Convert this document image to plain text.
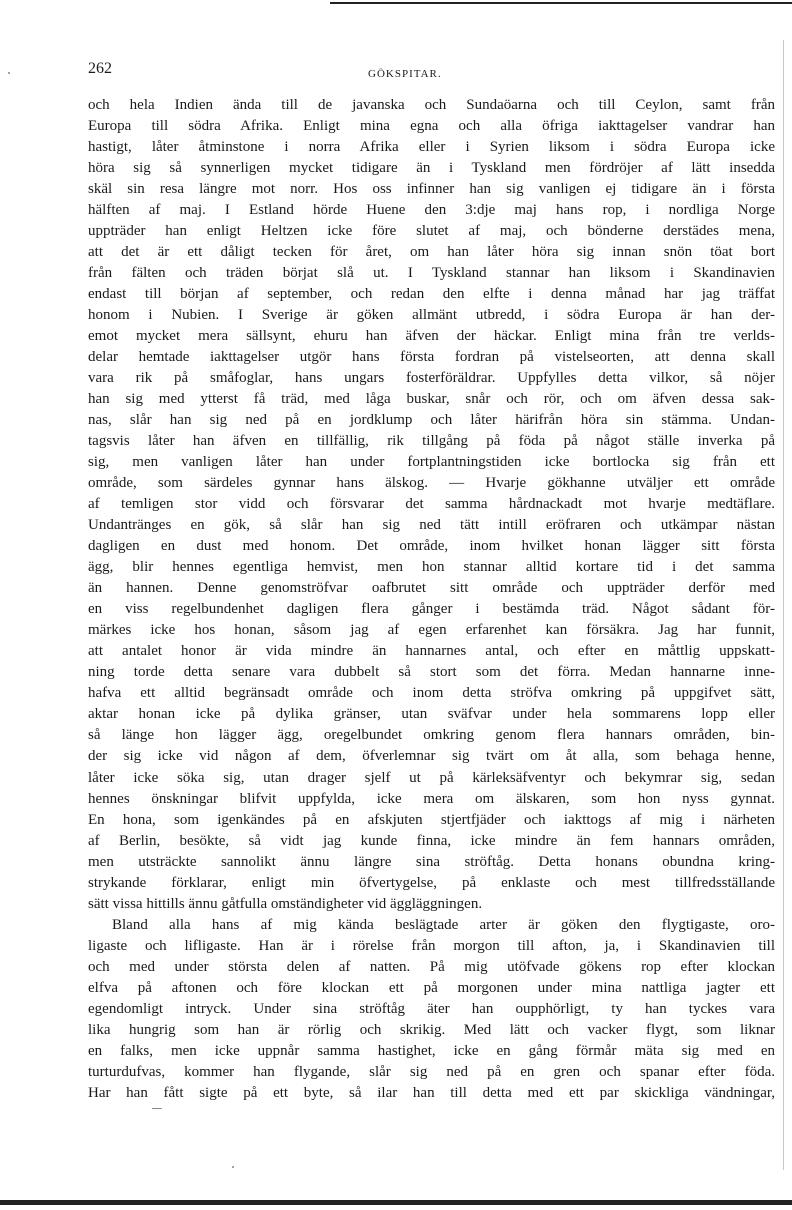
262	GÖKSPITAR.
och hela Indien ända till de javanska och Sundaöarna och till Ceylon, samt från
Europa till södra Afrika. Enligt mina egna och alla öfriga iakttagelser vandrar han
hastigt, låter åtminstone i norra Afrika eller i Syrien liksom i södra Europa icke
höra sig så synnerligen mycket tidigare än i Tyskland men fördröjer af lätt insedda
skäl sin resa längre mot norr. Hos oss infinner han sig vanligen ej tidigare än i första
hälften af maj. I Estland hörde Huene den 3:dje maj hans rop, i nordliga Norge
uppträder han enligt Heltzen icke före slutet af maj, och bönderne derstädes mena,
att det är ett dåligt tecken för året, om han låter höra sig innan snön töat bort
från fälten och träden börjat slå ut. I Tyskland stannar han liksom i Skandinavien
endast till början af september, och redan den elfte i denna månad har jag träffat
honom i Nubien. I Sverige är göken allmänt utbredd, i södra Europa är han der-
emot mycket mera sällsynt, ehuru han äfven der häckar. Enligt mina från tre verlds-
delar hemtade iakttagelser utgör hans första fordran på vistelseorten, att denna skall
vara rik på småfoglar, hans ungars fosterföräldrar. Uppfylles detta vilkor, så nöjer
han sig med ytterst få träd, med låga buskar, snår och rör, och om äfven dessa sak-
nas, slår han sig ned på en jordklump och låter härifrån höra sin stämma. Undan-
tagsvis låter han äfven en tillfällig, rik tillgång på föda på något ställe inverka på
sig, men vanligen låter han under fortplantningstiden icke bortlocka sig från ett
område, som särdeles gynnar hans älskog. — Hvarje gökhanne utväljer ett område
af temligen stor vidd och försvarar det samma hårdnackadt mot hvarje medtäflare.
Undantränges en gök, så slår han sig ned tätt intill eröfraren och utkämpar nästan
dagligen en dust med honom. Det område, inom hvilket honan lägger sitt första
ägg, blir hennes egentliga hemvist, men hon stannar alltid kortare tid i det samma
än hannen. Denne genomströfvar oafbrutet sitt område och uppträder derför med
en viss regelbundenhet dagligen flera gånger i bestämda träd. Något sådant för-
märkes icke hos honan, såsom jag af egen erfarenhet kan försäkra. Jag har funnit,
att antalet honor är vida mindre än hannarnes antal, och efter en måttlig uppskatt-
ning torde detta senare vara dubbelt så stort som det förra. Medan hannarne inne-
hafva ett alltid begränsadt område och inom detta ströfva omkring på uppgifvet sätt,
aktar honan icke på dylika gränser, utan sväfvar under hela sommarens lopp eller
så länge hon lägger ägg, oregelbundet omkring genom flera hannars områden, bin-
der sig icke vid någon af dem, öfverlemnar sig tvärt om åt alla, som behaga henne,
låter icke söka sig, utan drager sjelf ut på kärleksäfventyr och bekymrar sig, sedan
hennes önskningar blifvit uppfylda, icke mera om älskaren, som hon nyss gynnat.
En hona, som igenkändes på en afskjuten stjertfjäder och iakttogs af mig i närheten
af Berlin, besökte, så vidt jag kunde finna, icke mindre än fem hannars områden,
men utsträckte sannolikt ännu längre sina ströftåg. Detta honans obundna kring-
strykande förklarar, enligt min öfvertygelse, på enklaste och mest tillfredsställande
sätt vissa hittills ännu gåtfulla omständigheter vid äggläggningen.
Bland alla hans af mig kända beslägtade arter är göken den flygtigaste, oro-
ligaste och lifligaste. Han är i rörelse från morgon till afton, ja, i Skandinavien till
och med under största delen af natten. På mig utöfvade gökens rop efter klockan
elfva på aftonen och före klockan ett på morgonen under mina nattliga jagter ett
egendomligt intryck. Under sina ströftåg äter han oupphörligt, ty han tyckes vara
lika hungrig som han är rörlig och skrikig. Med lätt och vacker flygt, som liknar
en falks, men icke uppnår samma hastighet, icke en gång förmår mäta sig med en
turturdufvas, kommer han flygande, slår sig ned på en gren och spanar efter föda.
Har han fått sigte på ett byte, så ilar han till detta med ett par skickliga vändningar,
